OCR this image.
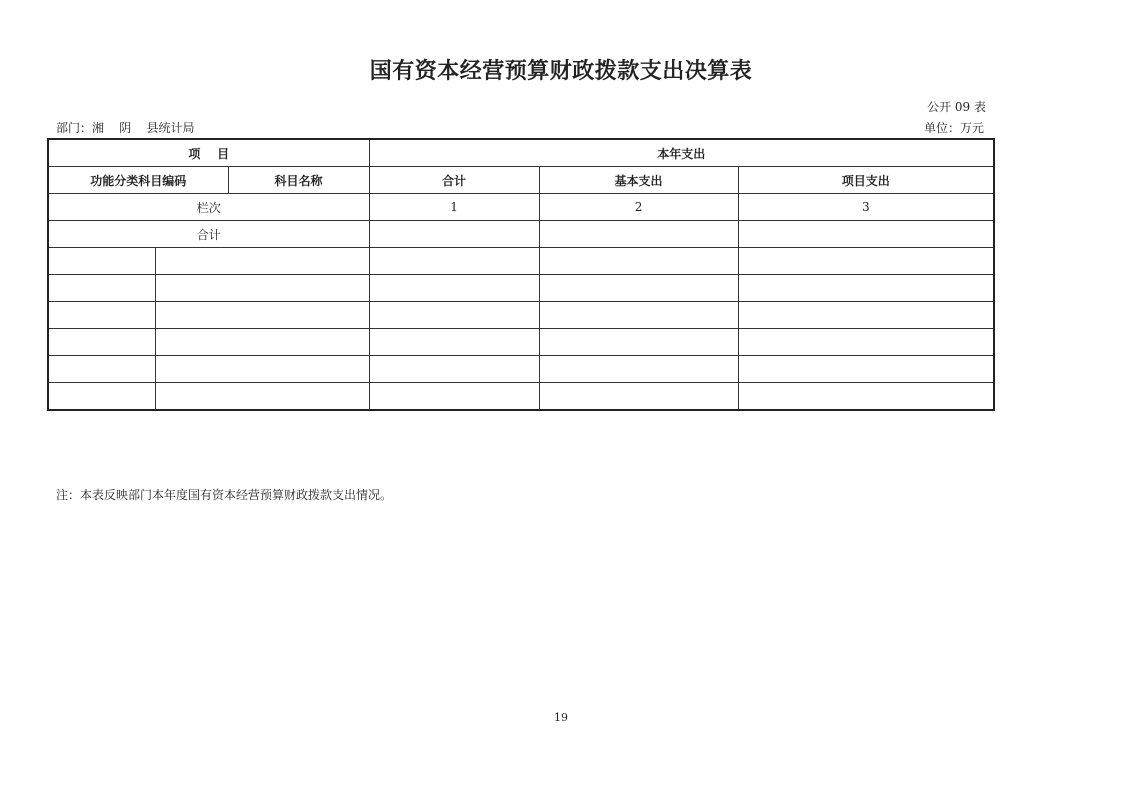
国有资本经营预算财政拨款支出决算表
公开 09 表
部门：湘    阴    县统计局	单位：万元
项    目			本年支出		
功能分类科目编码		科目名称	合计	基本支出	项目支出
栏次			1	2	3
合计					

注：本表反映部门本年度国有资本经营预算财政拨款支出情况。
19
